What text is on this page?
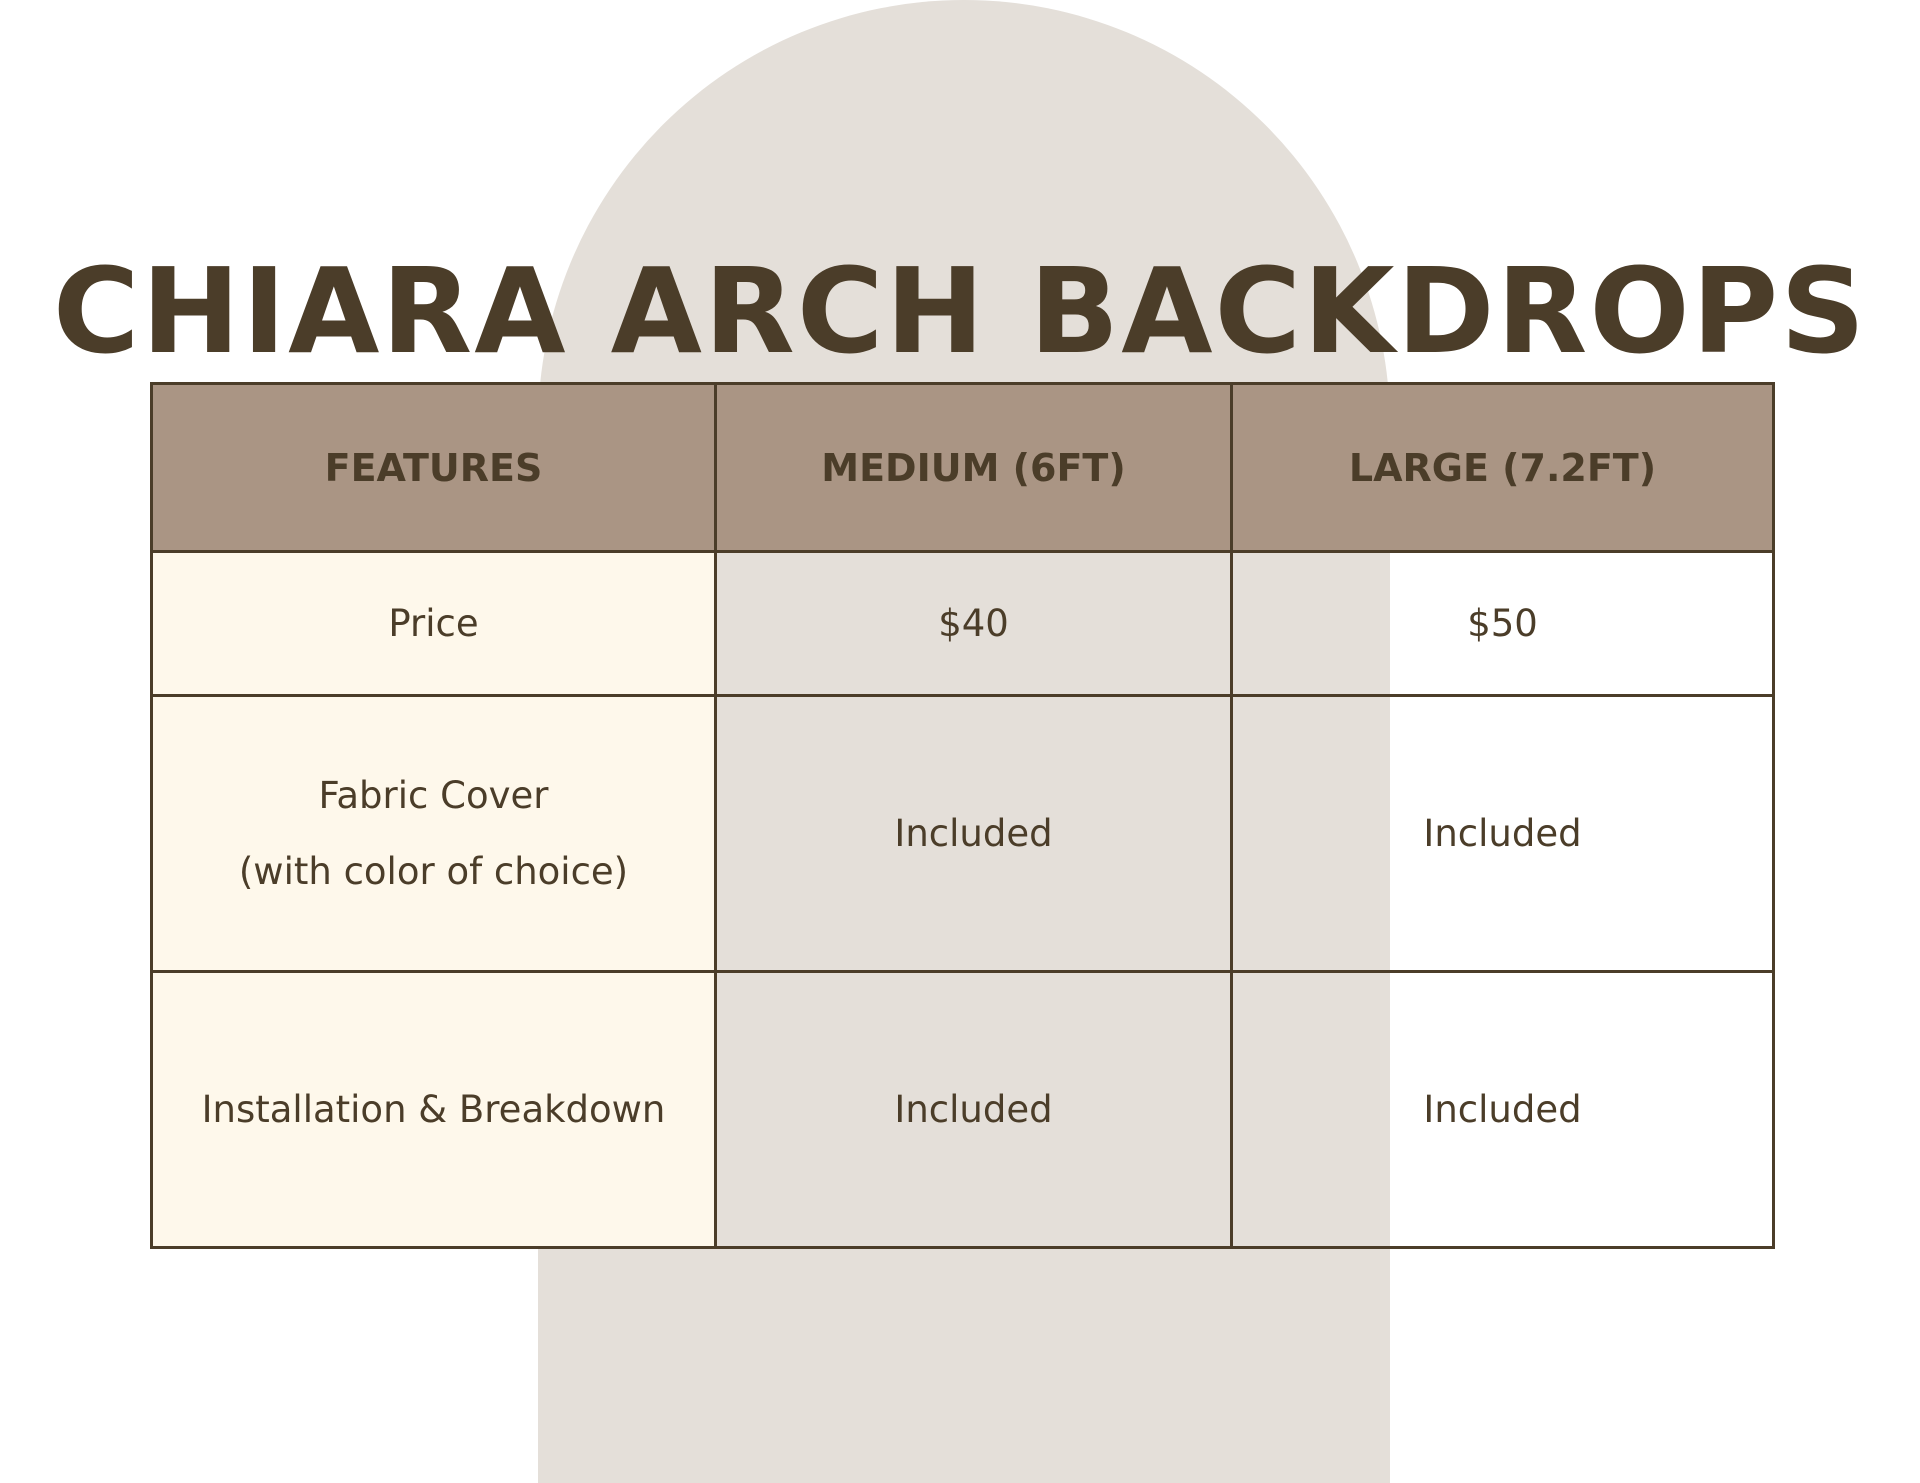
CHIARA ARCH BACKDROPS
FEATURES	MEDIUM (6FT)	LARGE (7.2FT)

Price	$40	$50

Fabric Cover
(with color of choice)	Included	Included

Installation & Breakdown	Included	Included
